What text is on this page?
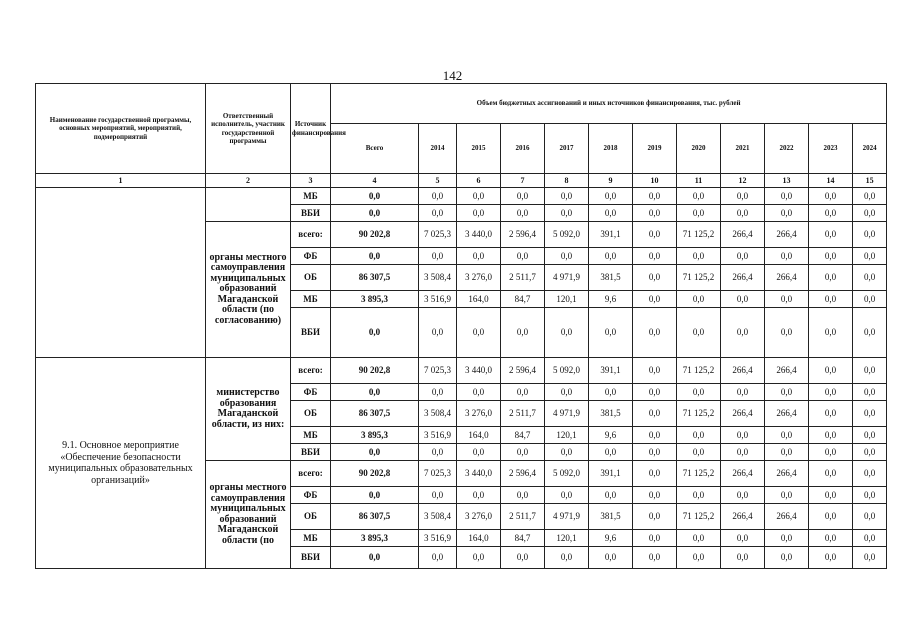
142
Наименование государственной программы, основных мероприятий, мероприятий, подмероприятий	Ответственный исполнитель, участник государственной программы	Источник финансирования	Объем бюджетных ассигнований и иных источников финансирования, тыс. рублей											
			Всего	2014	2015	2016	2017	2018	2019	2020	2021	2022	2023	2024
1	2	3	4	5	6	7	8	9	10	11	12	13	14	15
		МБ	0,0	0,0	0,0	0,0	0,0	0,0	0,0	0,0	0,0	0,0	0,0	0,0
		ВБИ	0,0	0,0	0,0	0,0	0,0	0,0	0,0	0,0	0,0	0,0	0,0	0,0
	органы местного самоуправления муниципальных образований Магаданской области (по согласованию)	всего:	90 202,8	7 025,3	3 440,0	2 596,4	5 092,0	391,1	0,0	71 125,2	266,4	266,4	0,0	0,0
		ФБ	0,0	0,0	0,0	0,0	0,0	0,0	0,0	0,0	0,0	0,0	0,0	0,0
		ОБ	86 307,5	3 508,4	3 276,0	2 511,7	4 971,9	381,5	0,0	71 125,2	266,4	266,4	0,0	0,0
		МБ	3 895,3	3 516,9	164,0	84,7	120,1	9,6	0,0	0,0	0,0	0,0	0,0	0,0
		ВБИ	0,0	0,0	0,0	0,0	0,0	0,0	0,0	0,0	0,0	0,0	0,0	0,0
9.1. Основное мероприятие «Обеспечение безопасности муниципальных образовательных организаций»	министерство образования Магаданской области, из них:	всего:	90 202,8	7 025,3	3 440,0	2 596,4	5 092,0	391,1	0,0	71 125,2	266,4	266,4	0,0	0,0
		ФБ	0,0	0,0	0,0	0,0	0,0	0,0	0,0	0,0	0,0	0,0	0,0	0,0
		ОБ	86 307,5	3 508,4	3 276,0	2 511,7	4 971,9	381,5	0,0	71 125,2	266,4	266,4	0,0	0,0
		МБ	3 895,3	3 516,9	164,0	84,7	120,1	9,6	0,0	0,0	0,0	0,0	0,0	0,0
		ВБИ	0,0	0,0	0,0	0,0	0,0	0,0	0,0	0,0	0,0	0,0	0,0	0,0
	органы местного самоуправления муниципальных образований Магаданской области (по	всего:	90 202,8	7 025,3	3 440,0	2 596,4	5 092,0	391,1	0,0	71 125,2	266,4	266,4	0,0	0,0
		ФБ	0,0	0,0	0,0	0,0	0,0	0,0	0,0	0,0	0,0	0,0	0,0	0,0
		ОБ	86 307,5	3 508,4	3 276,0	2 511,7	4 971,9	381,5	0,0	71 125,2	266,4	266,4	0,0	0,0
		МБ	3 895,3	3 516,9	164,0	84,7	120,1	9,6	0,0	0,0	0,0	0,0	0,0	0,0
		ВБИ	0,0	0,0	0,0	0,0	0,0	0,0	0,0	0,0	0,0	0,0	0,0	0,0
